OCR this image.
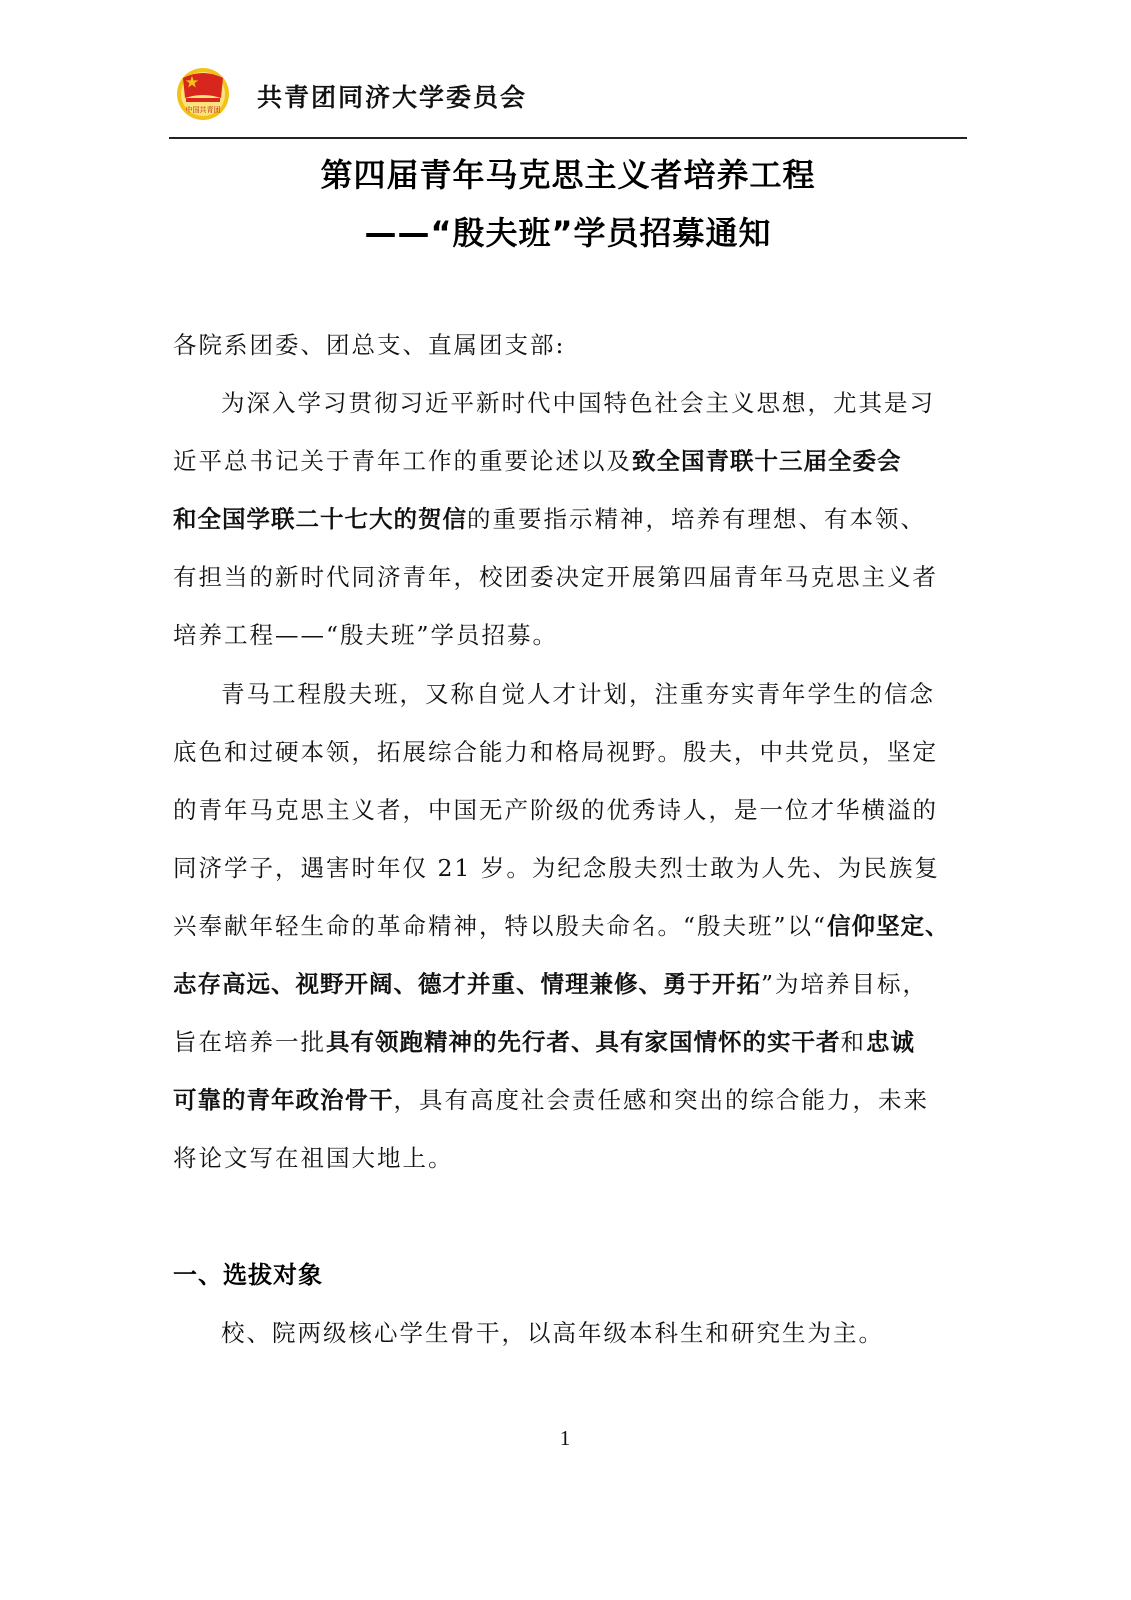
中国共青团 共青团同济大学委员会
第四届青年马克思主义者培养工程
——“殷夫班”学员招募通知
各院系团委、团总支、直属团支部:
为深入学习贯彻习近平新时代中国特色社会主义思想，尤其是习
近平总书记关于青年工作的重要论述以及致全国青联十三届全委会
和全国学联二十七大的贺信的重要指示精神，培养有理想、有本领、
有担当的新时代同济青年，校团委决定开展第四届青年马克思主义者
培养工程——“殷夫班”学员招募。
青马工程殷夫班，又称自觉人才计划，注重夯实青年学生的信念
底色和过硬本领，拓展综合能力和格局视野。殷夫，中共党员，坚定
的青年马克思主义者，中国无产阶级的优秀诗人，是一位才华横溢的
同济学子，遇害时年仅 21 岁。为纪念殷夫烈士敢为人先、为民族复
兴奉献年轻生命的革命精神，特以殷夫命名。“殷夫班”以“信仰坚定、
志存高远、视野开阔、德才并重、情理兼修、勇于开拓”为培养目标，
旨在培养一批具有领跑精神的先行者、具有家国情怀的实干者和忠诚
可靠的青年政治骨干，具有高度社会责任感和突出的综合能力，未来
将论文写在祖国大地上。
一、选拔对象
校、院两级核心学生骨干，以高年级本科生和研究生为主。
1
